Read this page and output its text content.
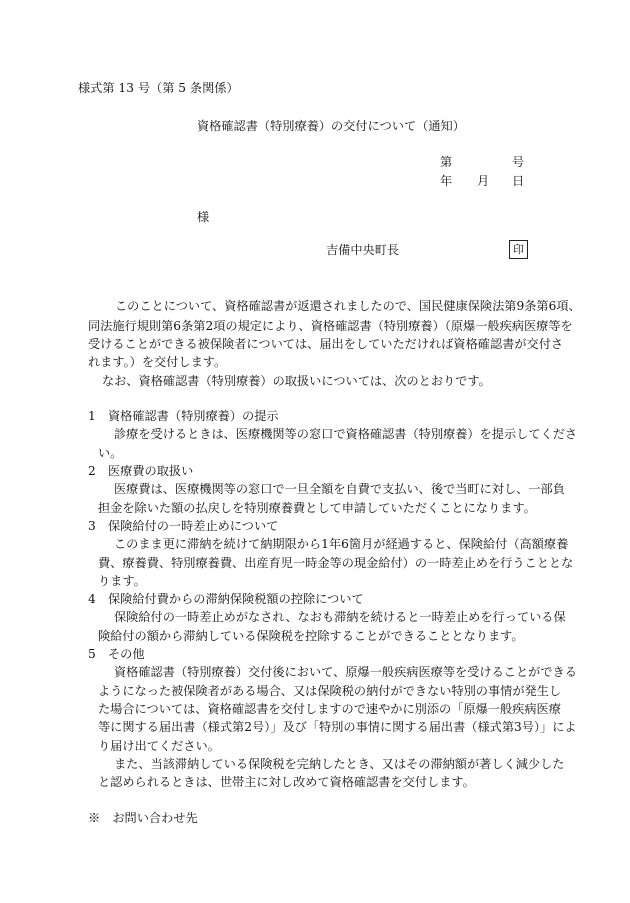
様式第 13 号（第 5 条関係）
資格確認書（特別療養）の交付について（通知）
第	号
年 月 日
様
吉備中央町長	印
このことについて、資格確認書が返還されましたので、国民健康保険法第9条第6項、
同法施行規則第6条第2項の規定により、資格確認書（特別療養）（原爆一般疾病医療等を
受けることができる被保険者については、届出をしていただければ資格確認書が交付さ
れます。）を交付します。
なお、資格確認書（特別療養）の取扱いについては、次のとおりです。
1　資格確認書（特別療養）の提示
診療を受けるときは、医療機関等の窓口で資格確認書（特別療養）を提示してくださ
い。
2　医療費の取扱い
医療費は、医療機関等の窓口で一旦全額を自費で支払い、後で当町に対し、一部負
担金を除いた額の払戻しを特別療養費として申請していただくことになります。
3　保険給付の一時差止めについて
このまま更に滞納を続けて納期限から1年6箇月が経過すると、保険給付（高額療養
費、療養費、特別療養費、出産育児一時金等の現金給付）の一時差止めを行うこととな
ります。
4　保険給付費からの滞納保険税額の控除について
保険給付の一時差止めがなされ、なおも滞納を続けると一時差止めを行っている保
険給付の額から滞納している保険税を控除することができることとなります。
5　その他
資格確認書（特別療養）交付後において、原爆一般疾病医療等を受けることができる
ようになった被保険者がある場合、又は保険税の納付ができない特別の事情が発生し
た場合については、資格確認書を交付しますので速やかに別添の「原爆一般疾病医療
等に関する届出書（様式第2号）」及び「特別の事情に関する届出書（様式第3号）」によ
り届け出てください。
また、当該滞納している保険税を完納したとき、又はその滞納額が著しく減少した
と認められるときは、世帯主に対し改めて資格確認書を交付します。
※　お問い合わせ先
